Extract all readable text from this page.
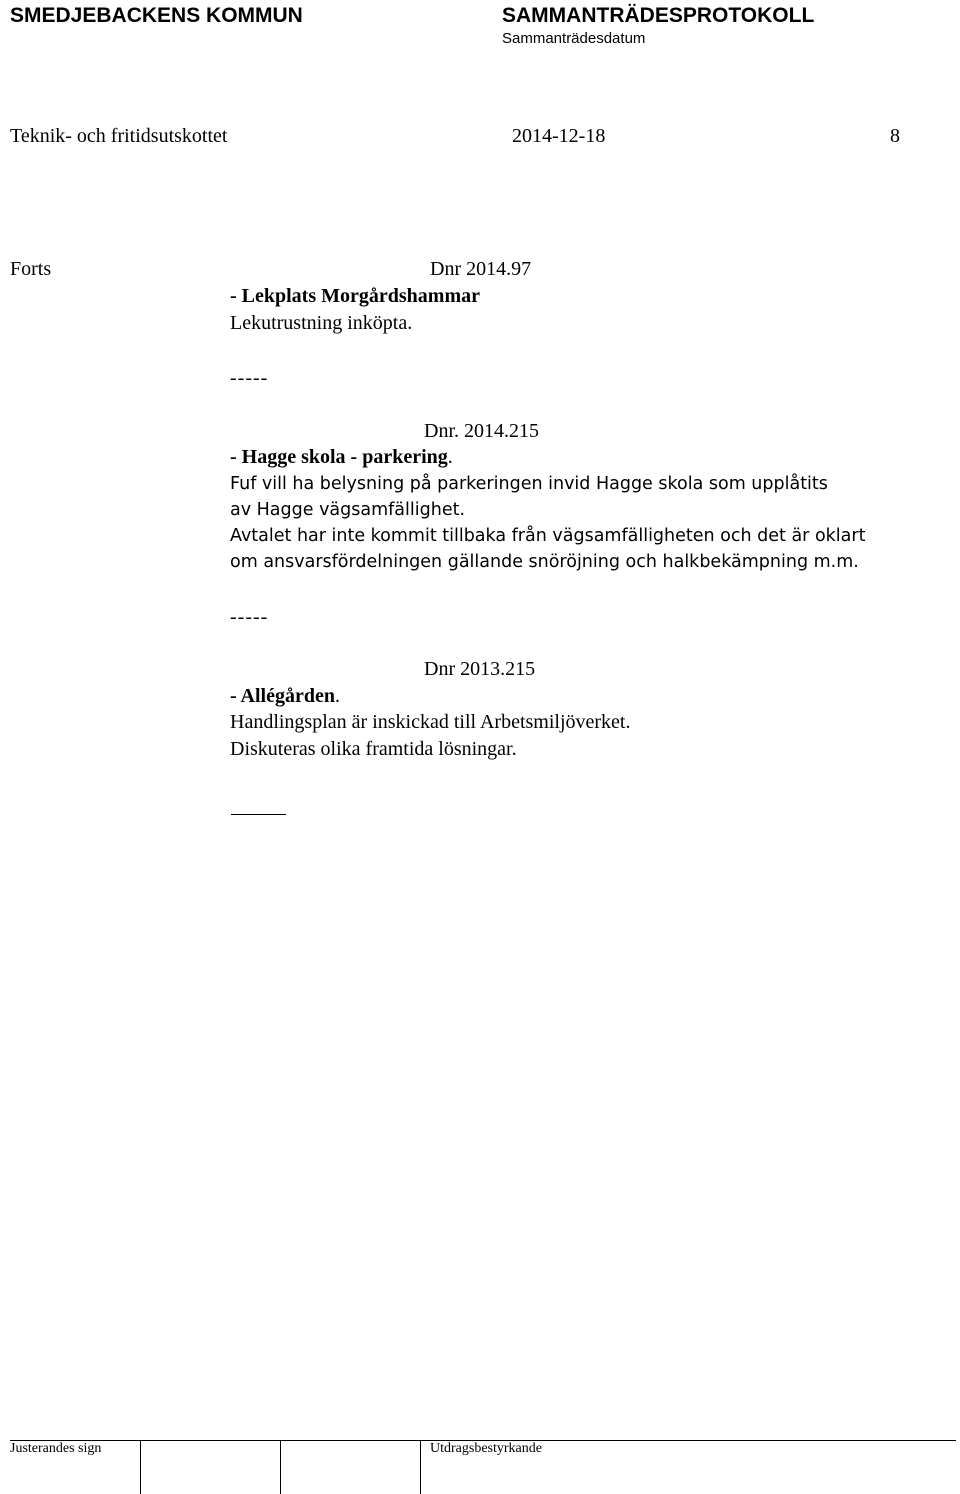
SMEDJEBACKENS KOMMUN	SAMMANTRÄDESPROTOKOLL
Sammanträdesdatum
Teknik- och fritidsutskottet	2014-12-18	8
Forts	Dnr 2014.97
- Lekplats Morgårdshammar
Lekutrustning inköpta.
-----
Dnr. 2014.215
- Hagge skola - parkering.
Fuf vill ha belysning på parkeringen invid Hagge skola som upplåtits
av Hagge vägsamfällighet.
Avtalet har inte kommit tillbaka från vägsamfälligheten och det är oklart
om ansvarsfördelningen gällande snöröjning och halkbekämpning m.m.
-----
Dnr 2013.215
- Allégården.
Handlingsplan är inskickad till Arbetsmiljöverket.
Diskuteras olika framtida lösningar.
Justerandes sign	Utdragsbestyrkande
